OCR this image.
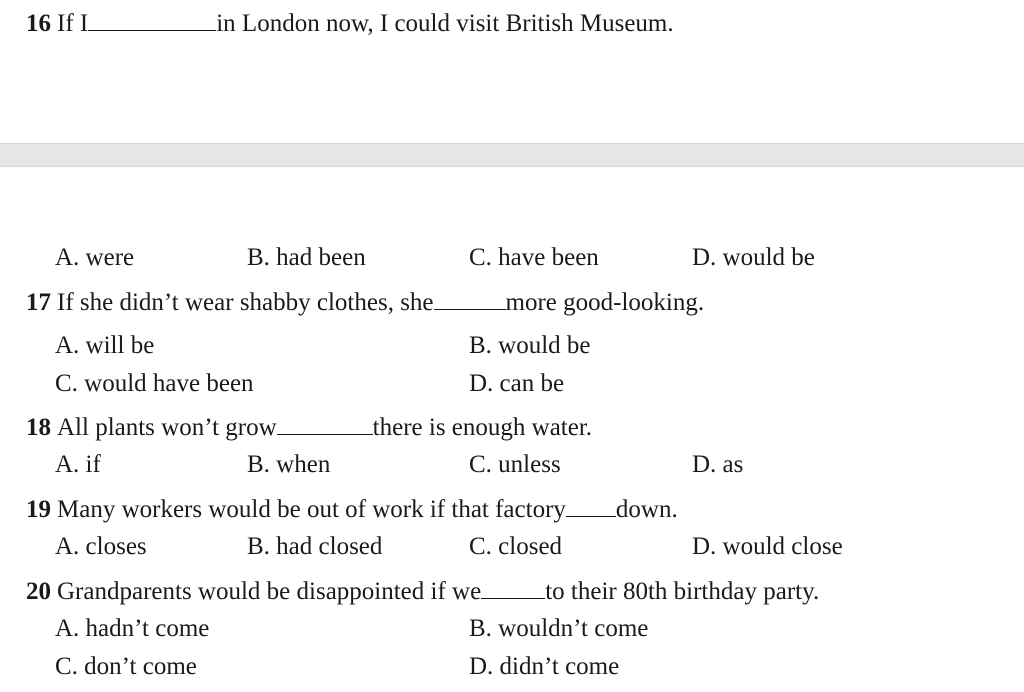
16 If I	in London now, I could visit British Museum.
A. were	B. had been	C. have been	D. would be
17 If she didn’t wear shabby clothes, she	more good-looking.
A. will be	B. would be
C. would have been	D. can be
18 All plants won’t grow	there is enough water.
A. if	B. when	C. unless	D. as
19 Many workers would be out of work if that factory down.
A. closes	B. had closed	C. closed	D. would close
20 Grandparents would be disappointed if we	to their 80th birthday party.
A. hadn’t come	B. wouldn’t come
C. don’t come	D. didn’t come
